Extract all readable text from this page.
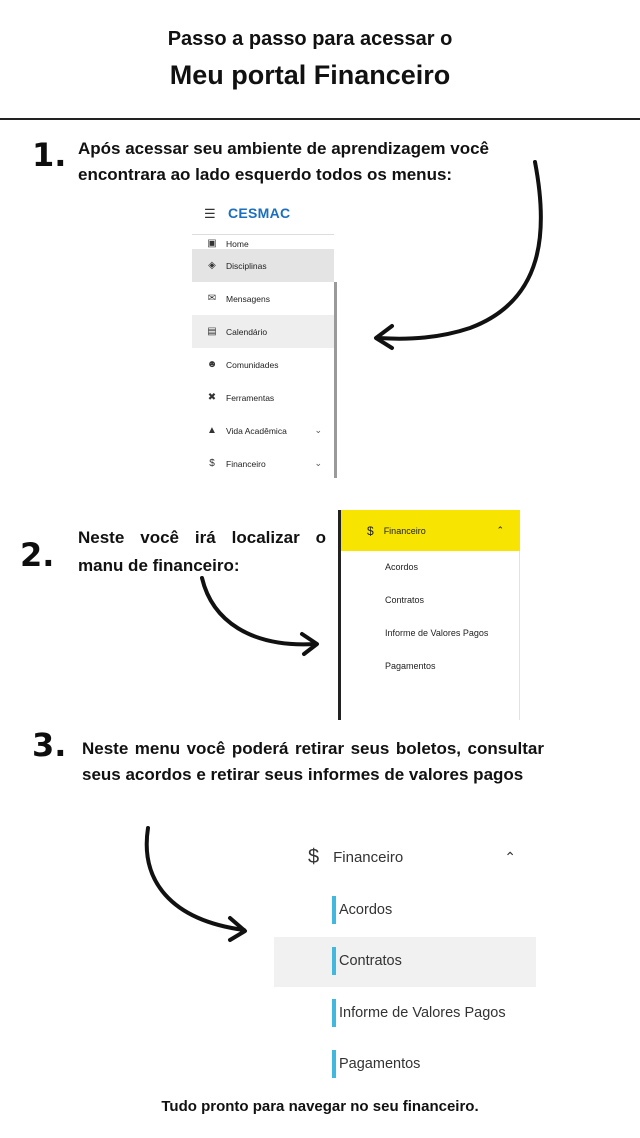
Passo a passo para acessar o
Meu portal Financeiro
1. Após acessar seu ambiente de aprendizagem você encontrara ao lado esquerdo todos os menus:
☰ CESMAC
▣ Home
◈	Disciplinas
✉	Mensagens
▤ Calendário
☻ Comunidades
✖	Ferramentas
▲ Vida Acadêmica	⌄
$	Financeiro	⌄
2. Neste você irá localizar o manu de financeiro:
$ Financeiro	⌃
Acordos
Contratos
Informe de Valores Pagos
Pagamentos
3. Neste menu você poderá retirar seus boletos, consultar seus acordos e retirar seus informes de valores pagos
$ Financeiro	⌃
Acordos
Contratos
Informe de Valores Pagos
Pagamentos
Tudo pronto para navegar no seu financeiro.
